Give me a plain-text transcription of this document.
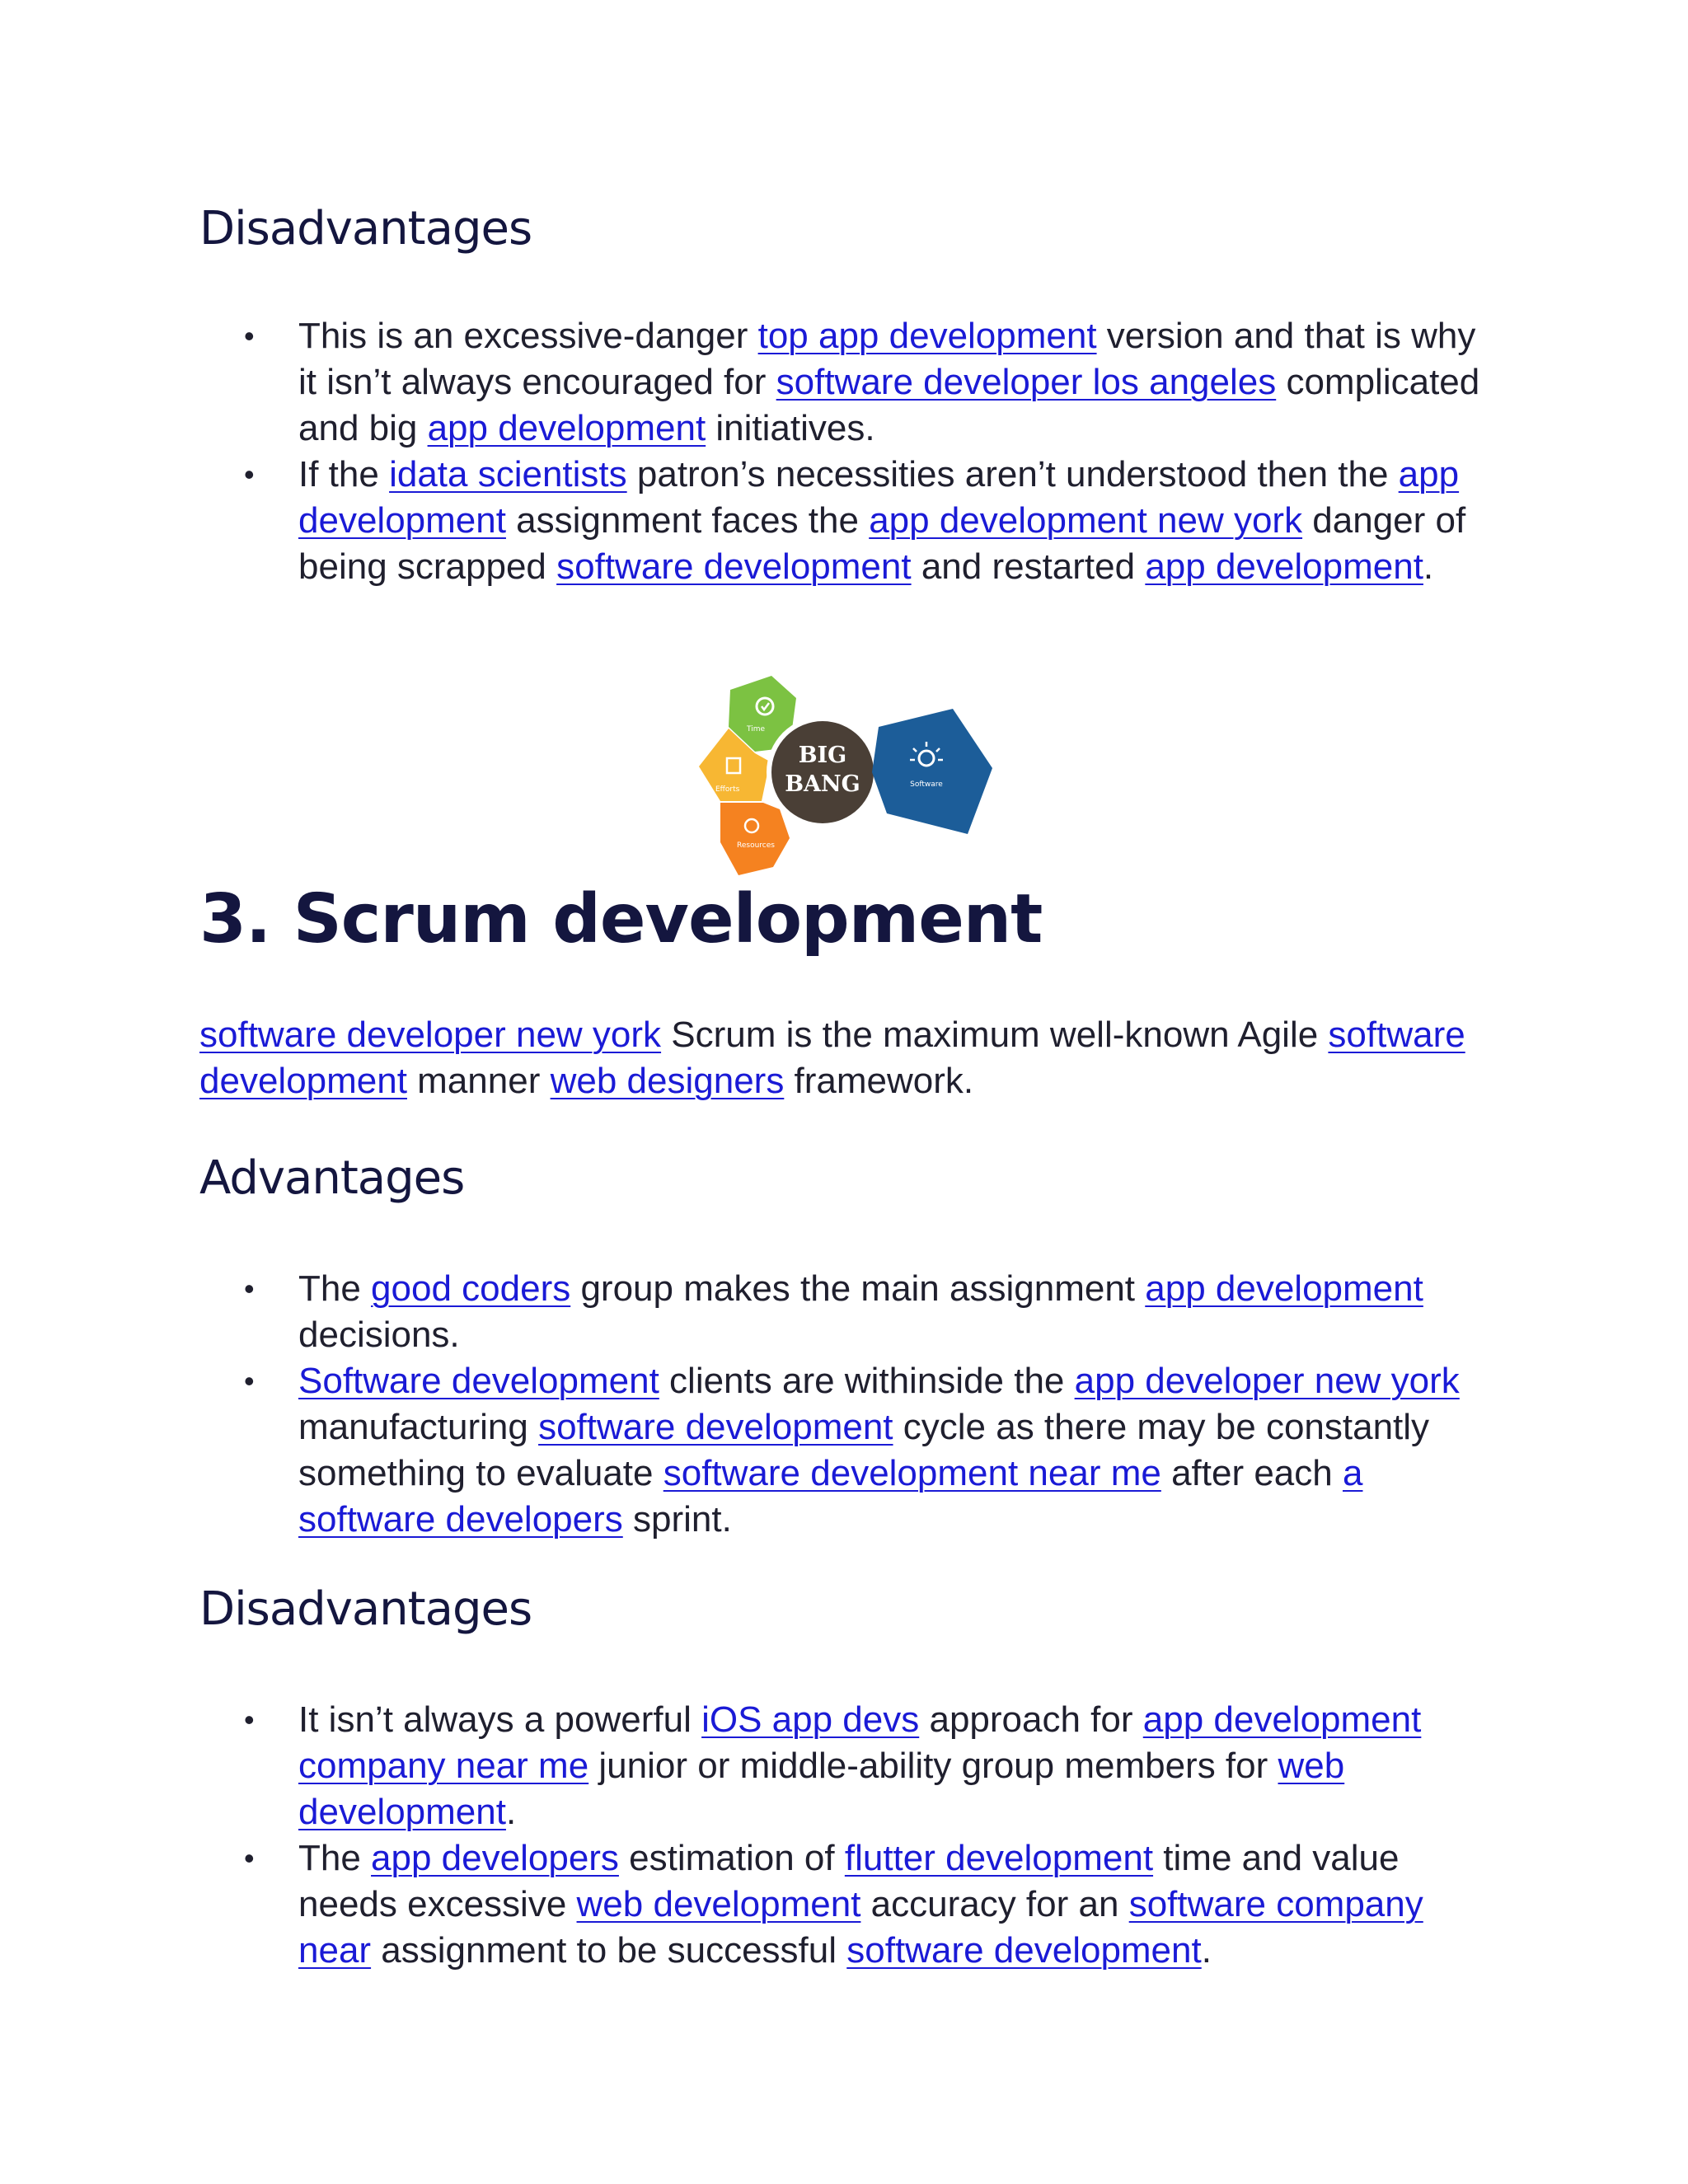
Disadvantages
• This is an excessive-danger top app development version and that is why it isn’t always encouraged for software developer los angeles complicated and big app development initiatives.
• If the idata scientists patron’s necessities aren’t understood then the app development assignment faces the app development new york danger of being scrapped software development and restarted app development.
Time
Efforts
Resources
BIG
BANG	Software
3. Scrum development

software developer new york Scrum is the maximum well-known Agile software development manner web designers framework.

Advantages
• The good coders group makes the main assignment app development decisions.
• Software development clients are withinside the app developer new york manufacturing software development cycle as there may be constantly something to evaluate software development near me after each a software developers sprint.
Disadvantages
• It isn’t always a powerful iOS app devs approach for app development company near me junior or middle-ability group members for web development.
• The app developers estimation of flutter development time and value needs excessive web development accuracy for an software company near assignment to be successful software development.
